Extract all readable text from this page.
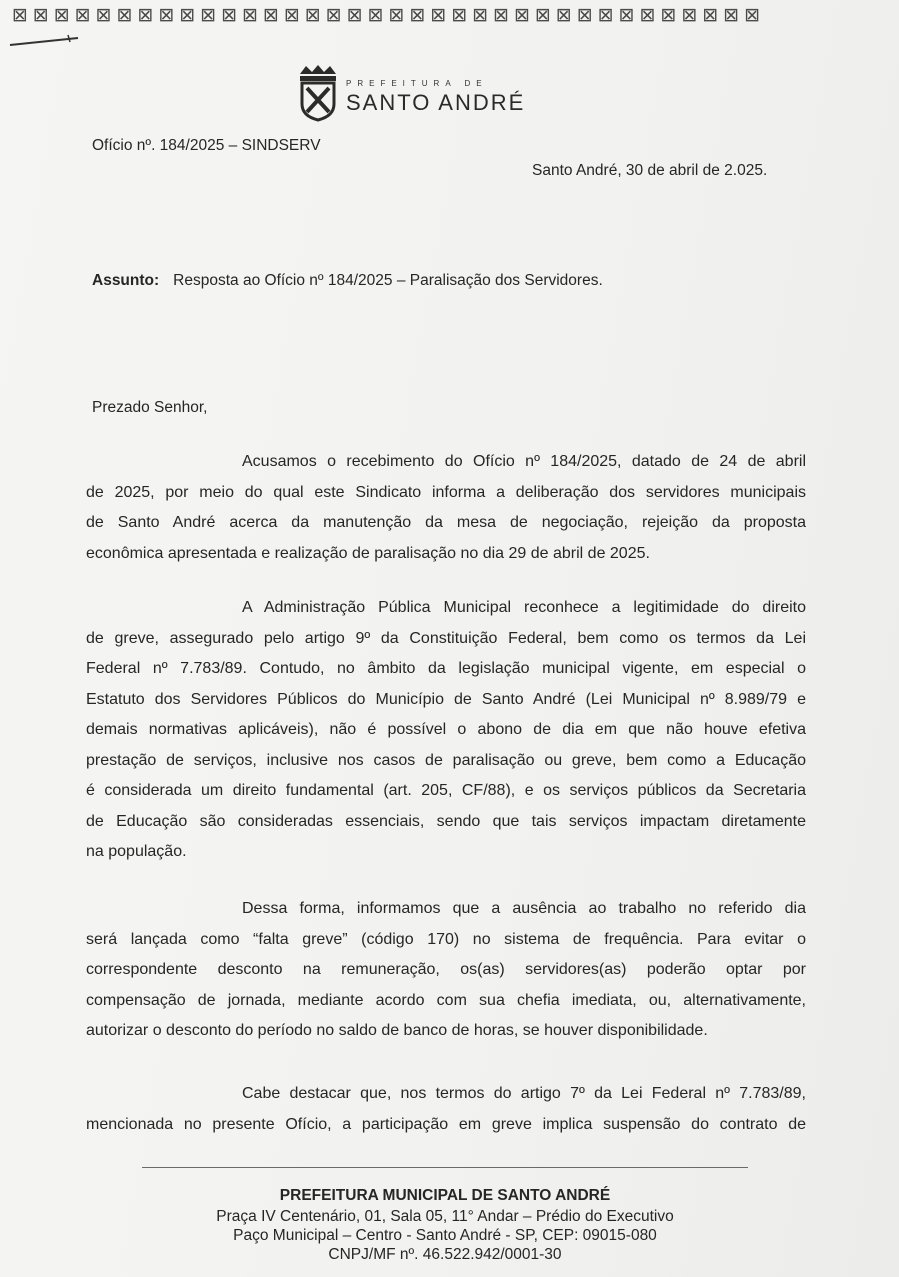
⊠⊠⊠⊠⊠⊠⊠⊠⊠⊠⊠⊠⊠⊠⊠⊠⊠⊠⊠⊠⊠⊠⊠⊠⊠⊠⊠⊠⊠⊠⊠⊠⊠⊠⊠⊠
PREFEITURA DE
SANTO ANDRÉ
Ofício nº. 184/2025 – SINDSERV
Santo André, 30 de abril de 2.025.
Assunto: Resposta ao Ofício nº 184/2025 – Paralisação dos Servidores.
Prezado Senhor,
Acusamos o recebimento do Ofício nº 184/2025, datado de 24 de abril
de 2025, por meio do qual este Sindicato informa a deliberação dos servidores municipais
de Santo André acerca da manutenção da mesa de negociação, rejeição da proposta
econômica apresentada e realização de paralisação no dia 29 de abril de 2025.
A Administração Pública Municipal reconhece a legitimidade do direito
de greve, assegurado pelo artigo 9º da Constituição Federal, bem como os termos da Lei
Federal nº 7.783/89. Contudo, no âmbito da legislação municipal vigente, em especial o
Estatuto dos Servidores Públicos do Município de Santo André (Lei Municipal nº 8.989/79 e
demais normativas aplicáveis), não é possível o abono de dia em que não houve efetiva
prestação de serviços, inclusive nos casos de paralisação ou greve, bem como a Educação
é considerada um direito fundamental (art. 205, CF/88), e os serviços públicos da Secretaria
de Educação são consideradas essenciais, sendo que tais serviços impactam diretamente
na população.
Dessa forma, informamos que a ausência ao trabalho no referido dia
será lançada como “falta greve” (código 170) no sistema de frequência. Para evitar o
correspondente desconto na remuneração, os(as) servidores(as) poderão optar por
compensação de jornada, mediante acordo com sua chefia imediata, ou, alternativamente,
autorizar o desconto do período no saldo de banco de horas, se houver disponibilidade.
Cabe destacar que, nos termos do artigo 7º da Lei Federal nº 7.783/89,
mencionada no presente Ofício, a participação em greve implica suspensão do contrato de
PREFEITURA MUNICIPAL DE SANTO ANDRÉ
Praça IV Centenário, 01, Sala 05, 11° Andar – Prédio do Executivo
Paço Municipal – Centro - Santo André - SP, CEP: 09015-080
CNPJ/MF nº. 46.522.942/0001-30
